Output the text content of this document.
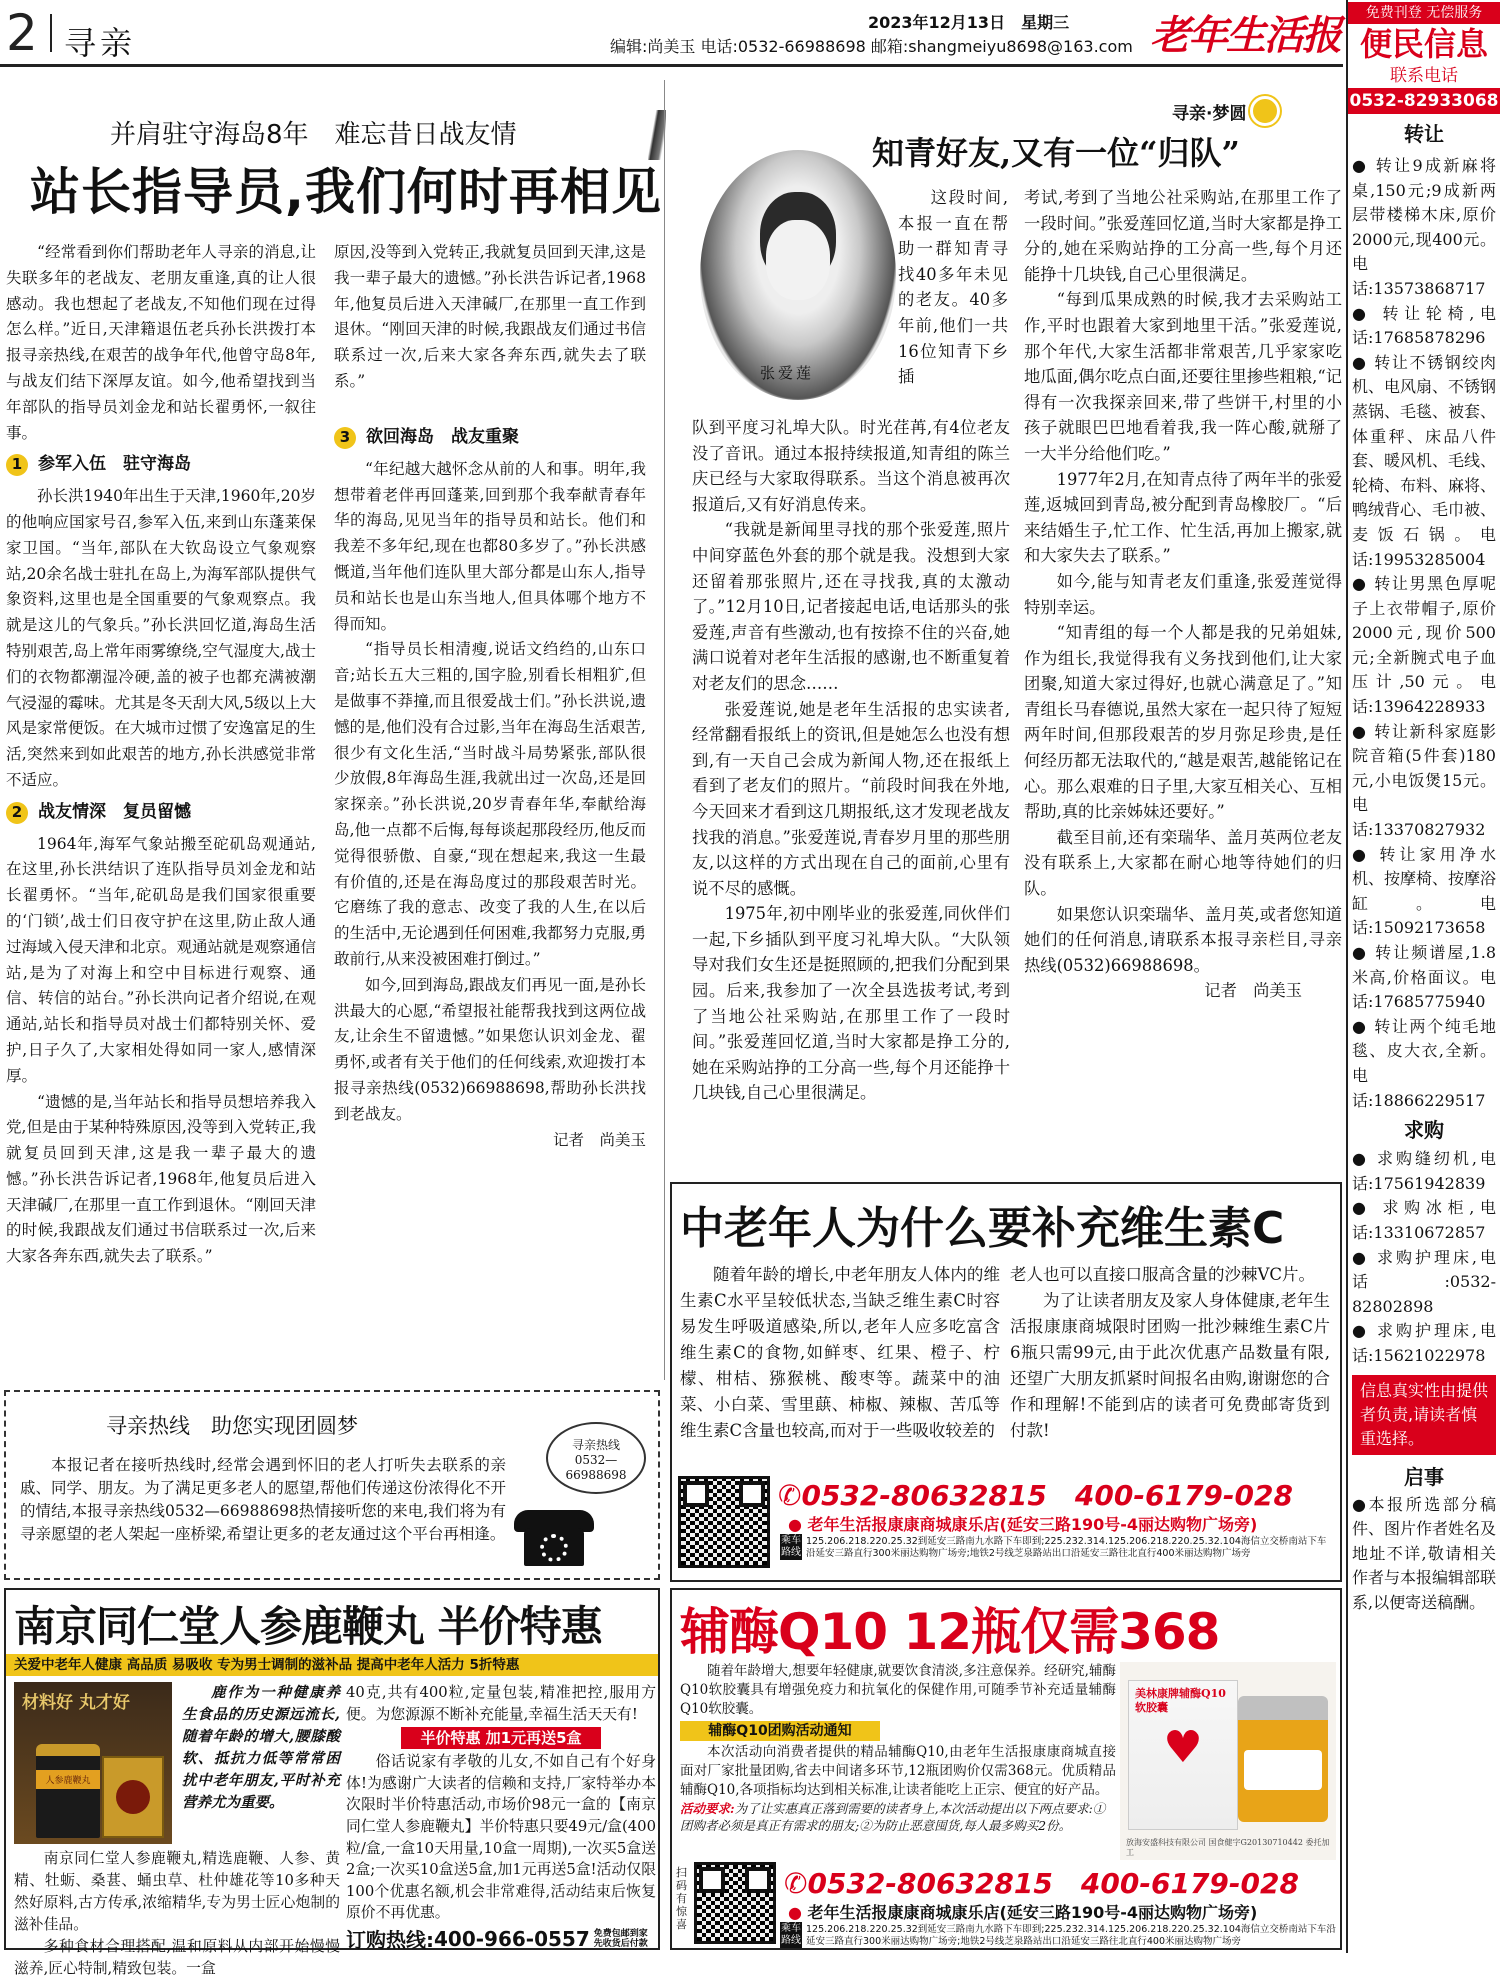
2 寻亲
2023年12月13日　 星期三
编辑:尚美玉 电话:0532-66988698 邮箱:shangmeiyu8698@163.com 老年生活报
并肩驻守海岛8年　难忘昔日战友情
站长指导员,我们何时再相见

“经常看到你们帮助老年人寻亲的消息,让失联多年的老战友、老朋友重逢,真的让人很感动。我也想起了老战友,不知他们现在过得怎么样。”近日,天津籍退伍老兵孙长洪拨打本报寻亲热线,在艰苦的战争年代,他曾守岛8年,与战友们结下深厚友谊。如今,他希望找到当年部队的指导员刘金龙和站长翟勇怀,一叙往事。

1 参军入伍　驻守海岛

孙长洪1940年出生于天津,1960年,20岁的他响应国家号召,参军入伍,来到山东蓬莱保家卫国。“当年,部队在大钦岛设立气象观察站,20余名战士驻扎在岛上,为海军部队提供气象资料,这里也是全国重要的气象观察点。我就是这儿的气象兵。”孙长洪回忆道,海岛生活特别艰苦,岛上常年雨雾缭绕,空气湿度大,战士们的衣物都潮湿冷硬,盖的被子也都充满被潮气浸湿的霉味。尤其是冬天刮大风,5级以上大风是家常便饭。在大城市过惯了安逸富足的生活,突然来到如此艰苦的地方,孙长洪感觉非常不适应。

2 战友情深　复员留憾

1964年,海军气象站搬至砣矶岛观通站,在这里,孙长洪结识了连队指导员刘金龙和站长翟勇怀。“当年,砣矶岛是我们国家很重要的‘门锁’,战士们日夜守护在这里,防止敌人通过海域入侵天津和北京。观通站就是观察通信站,是为了对海上和空中目标进行观察、通信、转信的站台。”孙长洪向记者介绍说,在观通站,站长和指导员对战士们都特别关怀、爱护,日子久了,大家相处得如同一家人,感情深厚。

“遗憾的是,当年站长和指导员想培养我入党,但是由于某种特殊原因,没等到入党转正,我就复员回到天津,这是我一辈子最大的遗憾。”孙长洪告诉记者,1968年,他复员后进入天津碱厂,在那里一直工作到退休。“刚回天津的时候,我跟战友们通过书信联系过一次,后来大家各奔东西,就失去了联系。”

3 欲回海岛　战友重聚

“年纪越大越怀念从前的人和事。明年,我想带着老伴再回蓬莱,回到那个我奉献青春年华的海岛,见见当年的指导员和站长。他们和我差不多年纪,现在也都80多岁了。”孙长洪感慨道,当年他们连队里大部分都是山东人,指导员和站长也是山东当地人,但具体哪个地方不得而知。

“指导员长相清瘦,说话文绉绉的,山东口音;站长五大三粗的,国字脸,别看长相粗犷,但是做事不莽撞,而且很爱战士们。”孙长洪说,遗憾的是,他们没有合过影,当年在海岛生活艰苦,很少有文化生活,“当时战斗局势紧张,部队很少放假,8年海岛生涯,我就出过一次岛,还是回家探亲。”孙长洪说,20岁青春年华,奉献给海岛,他一点都不后悔,每每谈起那段经历,他反而觉得很骄傲、自豪,“现在想起来,我这一生最有价值的,还是在海岛度过的那段艰苦时光。它磨练了我的意志、改变了我的人生,在以后的生活中,无论遇到任何困难,我都努力克服,勇敢前行,从来没被困难打倒过。”

如今,回到海岛,跟战友们再见一面,是孙长洪最大的心愿,“希望报社能帮我找到这两位战友,让余生不留遗憾。”如果您认识刘金龙、翟勇怀,或者有关于他们的任何线索,欢迎拨打本报寻亲热线(0532)66988698,帮助孙长洪找到老战友。

记者　尚美玉

原因,没等到入党转正,我就复员回到天津,这是我一辈子最大的遗憾。”孙长洪告诉记者,1968年,他复员后进入天津碱厂,在那里一直工作到退休。“刚回天津的时候,我跟战友们通过书信联系过一次,后来大家各奔东西,就失去了联系。”

寻亲·梦圆
知青好友,又有一位“归队”
张爱莲

这段时间,本报一直在帮助一群知青寻找40多年未见的老友。40多年前,他们一共16位知青下乡插

队到平度习礼埠大队。时光荏苒,有4位老友没了音讯。通过本报持续报道,知青组的陈兰庆已经与大家取得联系。当这个消息被再次报道后,又有好消息传来。

“我就是新闻里寻找的那个张爱莲,照片中间穿蓝色外套的那个就是我。没想到大家还留着那张照片,还在寻找我,真的太激动了。”12月10日,记者接起电话,电话那头的张爱莲,声音有些激动,也有按捺不住的兴奋,她满口说着对老年生活报的感谢,也不断重复着对老友们的思念……

张爱莲说,她是老年生活报的忠实读者,经常翻看报纸上的资讯,但是她怎么也没有想到,有一天自己会成为新闻人物,还在报纸上看到了老友们的照片。“前段时间我在外地,今天回来才看到这几期报纸,这才发现老战友找我的消息。”张爱莲说,青春岁月里的那些朋友,以这样的方式出现在自己的面前,心里有说不尽的感慨。

1975年,初中刚毕业的张爱莲,同伙伴们一起,下乡插队到平度习礼埠大队。“大队领导对我们女生还是挺照顾的,把我们分配到果园。后来,我参加了一次全县选拔考试,考到了当地公社采购站,在那里工作了一段时间。”张爱莲回忆道,当时大家都是挣工分的,她在采购站挣的工分高一些,每个月还能挣十几块钱,自己心里很满足。

考试,考到了当地公社采购站,在那里工作了一段时间。”张爱莲回忆道,当时大家都是挣工分的,她在采购站挣的工分高一些,每个月还能挣十几块钱,自己心里很满足。

“每到瓜果成熟的时候,我才去采购站工作,平时也跟着大家到地里干活。”张爱莲说,那个年代,大家生活都非常艰苦,几乎家家吃地瓜面,偶尔吃点白面,还要往里掺些粗粮,“记得有一次我探亲回来,带了些饼干,村里的小孩子就眼巴巴地看着我,我一阵心酸,就掰了一大半分给他们吃。”

1977年2月,在知青点待了两年半的张爱莲,返城回到青岛,被分配到青岛橡胶厂。“后来结婚生子,忙工作、忙生活,再加上搬家,就和大家失去了联系。”

如今,能与知青老友们重逢,张爱莲觉得特别幸运。

“知青组的每一个人都是我的兄弟姐妹,作为组长,我觉得我有义务找到他们,让大家团聚,知道大家过得好,也就心满意足了。”知青组长马春德说,虽然大家在一起只待了短短两年时间,但那段艰苦的岁月弥足珍贵,是任何经历都无法取代的,“越是艰苦,越能铭记在心。那么艰难的日子里,大家互相关心、互相帮助,真的比亲姊妹还要好。”

截至目前,还有栾瑞华、盖月英两位老友没有联系上,大家都在耐心地等待她们的归队。

如果您认识栾瑞华、盖月英,或者您知道她们的任何消息,请联系本报寻亲栏目,寻亲热线(0532)66988698。

记者　尚美玉

寻亲热线　助您实现团圆梦

本报记者在接听热线时,经常会遇到怀旧的老人打听失去联系的亲戚、同学、朋友。为了满足更多老人的愿望,帮他们传递这份浓得化不开的情结,本报寻亲热线0532—66988698热情接听您的来电,我们将为有寻亲愿望的老人架起一座桥梁,希望让更多的老友通过这个平台再相逢。

寻亲热线
0532—
66988698
中老年人为什么要补充维生素C

随着年龄的增长,中老年朋友人体内的维生素C水平呈较低状态,当缺乏维生素C时容易发生呼吸道感染,所以,老年人应多吃富含维生素C的食物,如鲜枣、红果、橙子、柠檬、柑桔、猕猴桃、酸枣等。蔬菜中的油菜、小白菜、雪里蕻、柿椒、辣椒、苦瓜等维生素C含量也较高,而对于一些吸收较差的

老人也可以直接口服高含量的沙棘VC片。

为了让读者朋友及家人身体健康,老年生活报康康商城限时团购一批沙棘维生素C片6瓶只需99元,由于此次优惠产品数量有限,还望广大朋友抓紧时间报名由购,谢谢您的合作和理解!不能到店的读者可免费邮寄货到付款!

✆0532-80632815　 400-6179-028
● 老年生活报康康商城康乐店(延安三路190号-4丽达购物广场旁)
乘车路线
125.206.218.220.25.32到延安三路南九水路下车即到;225.232.314.125.206.218.220.25.32.104海信立交桥南站下车沿延安三路直行300米丽达购物广场旁;地铁2号线芝泉路站出口沿延安三路往北直行400米丽达购物广场旁
南京同仁堂人参鹿鞭丸 半价特惠
关爱中老年人健康 高品质 易吸收 专为男士调制的滋补品 提高中老年人活力 5折特惠
材料好 丸才好
人参鹿鞭丸
鹿作为一种健康养生食品的历史源远流长,随着年龄的增大,腰膝酸软、抵抗力低等常常困扰中老年朋友,平时补充营养尤为重要。

南京同仁堂人参鹿鞭丸,精选鹿鞭、人参、黄精、牡蛎、桑葚、蛹虫草、杜仲雄花等10多种天然好原料,古方传承,浓缩精华,专为男士匠心炮制的滋补佳品。

多种食材合理搭配,温和原料从内部开始慢慢滋养,匠心特制,精致包装。一盒

40克,共有400粒,定量包装,精准把控,服用方便。为您源源不断补充能量,幸福生活天天有!

半价特惠 加1元再送5盒

俗话说家有孝敬的儿女,不如自己有个好身体!为感谢广大读者的信赖和支持,厂家特举办本次限时半价特惠活动,市场价98元一盒的【南京同仁堂人参鹿鞭丸】半价特惠只要49元/盒(400粒/盒,一盒10天用量,10盒一周期),一次买5盒送2盒;一次买10盒送5盒,加1元再送5盒!活动仅限100个优惠名额,机会非常难得,活动结束后恢复原价不再优惠。

订购热线: 400-966-0557 免费包邮到家 先收货后付款
辅酶Q10 12瓶仅需368

随着年龄增大,想要年轻健康,就要饮食清淡,多注意保养。经研究,辅酶Q10软胶囊具有增强免疫力和抗氧化的保健作用,可随季节补充适量辅酶Q10软胶囊。

辅酶Q10团购活动通知

本次活动向消费者提供的精品辅酶Q10,由老年生活报康康商城直接面对厂家批量团购,省去中间诸多环节,12瓶团购价仅需368元。优质精品辅酶Q10,各项指标均达到相关标准,让读者能吃上正宗、便宜的好产品。

活动要求:为了让实惠真正落到需要的读者身上,本次活动提出以下两点要求:①团购者必须是真正有需求的朋友;②为防止恶意囤货,每人最多购买2份。

美林康牌辅酶Q10软胶囊
♥
放海安盛科技有限公司 国食健字G20130710442 委托加工
扫码有惊喜
✆0532-80632815　 400-6179-028
● 老年生活报康康商城康乐店(延安三路190号-4丽达购物广场旁)
乘车路线
125.206.218.220.25.32到延安三路南九水路下车即到;225.232.314.125.206.218.220.25.32.104海信立交桥南站下车沿延安三路直行300米丽达购物广场旁;地铁2号线芝泉路站出口沿延安三路往北直行400米丽达购物广场旁
免费刊登 无偿服务
便民信息
联系电话
0532-82933068
转让
● 转让9成新麻将桌,150元;9成新两层带楼梯木床,原价2000元,现400元。电话:13573868717
● 转让轮椅,电话:17685878296
● 转让不锈钢绞肉机、电风扇、不锈钢蒸锅、毛毯、被套、体重秤、床品八件套、暖风机、毛线、轮椅、布料、麻将、鸭绒背心、毛巾被、麦饭石锅。电话:19953285004
● 转让男黑色厚呢子上衣带帽子,原价2000元,现价500元;全新腕式电子血压计,50元。电话:13964228933
● 转让新科家庭影院音箱(5件套)180元,小电饭煲15元。电话:13370827932
● 转让家用净水机、按摩椅、按摩浴缸。电话:15092173658
● 转让频谱屋,1.8米高,价格面议。电话:17685775940
● 转让两个纯毛地毯、皮大衣,全新。电话:18866229517
求购
● 求购缝纫机,电话:17561942839
● 求购冰柜,电话:13310672857
● 求购护理床,电话:0532-82802898
● 求购护理床,电话:15621022978
信息真实性由提供者负责,请读者慎重选择。
启事
●本报所选部分稿件、图片作者姓名及地址不详,敬请相关作者与本报编辑部联系,以便寄送稿酬。
